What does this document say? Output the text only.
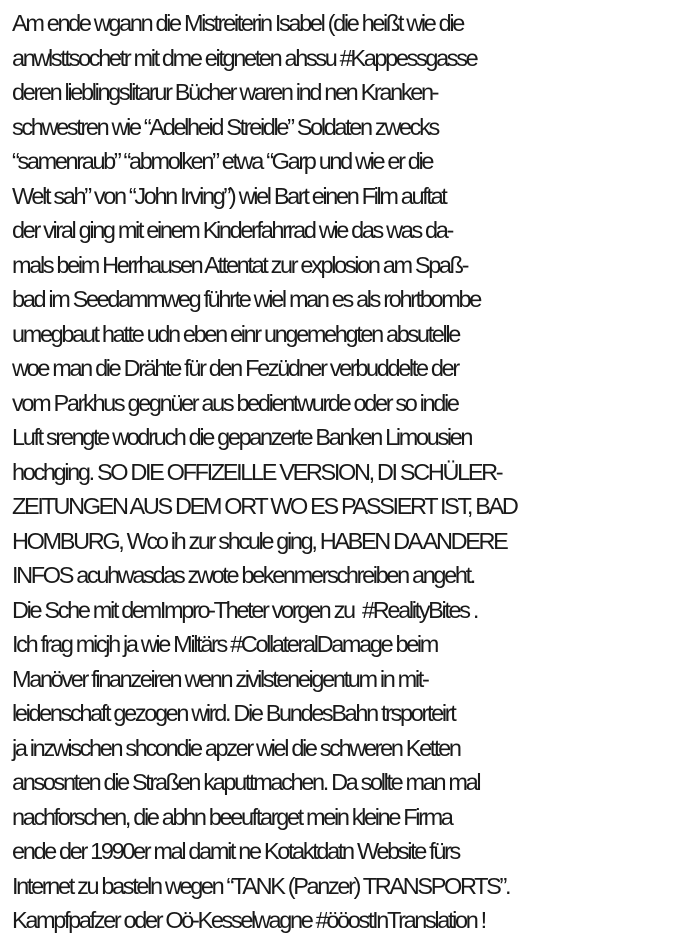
Am ende wgann die Mistreiterin Isabel (die heißt wie die
anwlsttsochetr mit dme eitgneten ahssu #Kappessgasse
deren lieblingslitarur Bücher waren ind nen Kranken-
schwestren wie “Adelheid Streidle” Soldaten zwecks
“samenraub” “abmolken” etwa “Garp und wie er die
Welt sah” von “John Irving”) wiel Bart einen Film auftat
der viral ging mit einem Kinderfahrrad wie das was da-
mals beim Herrhausen Attentat zur explosion am Spaß-
bad im Seedammweg führte wiel man es als rohrtbombe
umegbaut hatte udn eben einr ungemehgten absutelle
woe man die Drähte für den Fezüdner verbuddelte der
vom Parkhus gegnüer aus bedientwurde oder so indie
Luft srengte wodruch die gepanzerte Banken Limousien
hochging. SO DIE OFFIZEILLE VERSION, DI SCHÜLER-
ZEITUNGEN AUS DEM ORT WO ES PASSIERT IST, BAD
HOMBURG, Wco ih zur shcule ging, HABEN DA ANDERE
INFOS acuhwasdas zwote bekenmerschreiben angeht.
Die Sche mit demImpro-Theter vorgen zu  #RealityBites .
Ich frag micjh ja wie Miltärs #CollateralDamage beim
Manöver finanzeiren wenn zivilsteneigentum in mit-
leidenschaft gezogen wird. Die BundesBahn trsporteirt
ja inzwischen shcondie apzer wiel die schweren Ketten
ansosnten die Straßen kaputtmachen. Da sollte man mal
nachforschen, die abhn beeuftarget mein kleine Firma
ende der 1990er mal damit ne Kotaktdatn Website fürs
Internet zu basteln wegen “TANK (Panzer) TRANSPORTS”.
Kampfpafzer oder Oö-Kesselwagne #ööostInTranslation !
